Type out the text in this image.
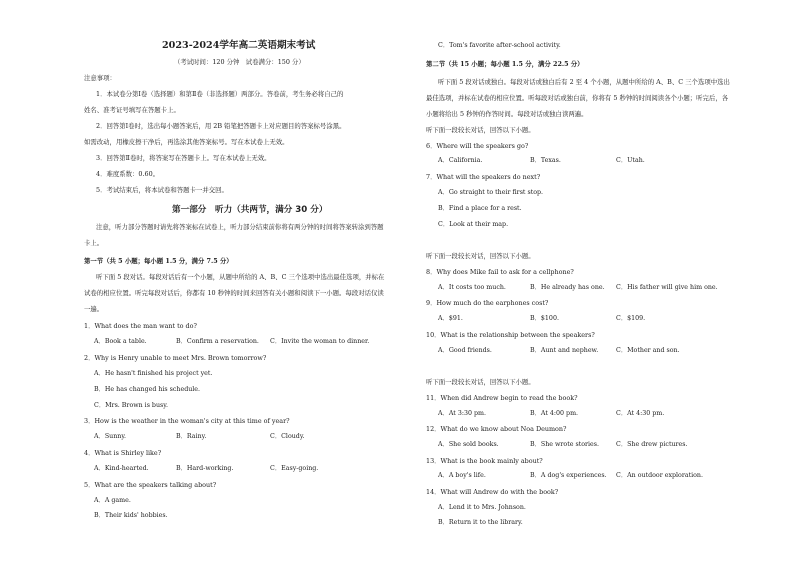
2023-2024学年高二英语期末考试
（考试时间：120 分钟　试卷满分：150 分）
注意事项：
1．本试卷分第Ⅰ卷（选择题）和第Ⅱ卷（非选择题）两部分。答卷前，考生务必将自己的
姓名、准考证号填写在答题卡上。
2．回答第Ⅰ卷时，选出每小题答案后，用 2B 铅笔把答题卡上对应题目的答案标号涂黑。
如需改动，用橡皮擦干净后，再选涂其他答案标号。写在本试卷上无效。
3．回答第Ⅱ卷时，将答案写在答题卡上。写在本试卷上无效。
4．难度系数：0.60。
5．考试结束后，将本试卷和答题卡一并交回。
第一部分　听力（共两节，满分 30 分）
注意，听力部分答题时请先将答案标在试卷上，听力部分结束前你将有两分钟的时间将答案转涂到答题
卡上。
第一节（共 5 小题；每小题 1.5 分，满分 7.5 分）
听下面 5 段对话。每段对话后有一个小题，从题中所给的 A、B、C 三个选项中选出最佳选项，并标在
试卷的相应位置。听完每段对话后，你都有 10 秒钟的时间来回答有关小题和阅读下一小题。每段对话仅读
一遍。
1．What does the man want to do?
A．Book a table.	B．Confirm a reservation. C．Invite the woman to dinner.
2．Why is Henry unable to meet Mrs. Brown tomorrow?
A．He hasn't finished his project yet.
B．He has changed his schedule.
C．Mrs. Brown is busy.
3．How is the weather in the woman's city at this time of year?
A．Sunny.	B．Rainy.	C．Cloudy.
4．What is Shirley like?
A．Kind-hearted.	B．Hard-working.	C．Easy-going.
5．What are the speakers talking about?
A．A game.
B．Their kids' hobbies.
C．Tom's favorite after-school activity.
第二节（共 15 小题；每小题 1.5 分，满分 22.5 分）
听下面 5 段对话或独白。每段对话或独白后有 2 至 4 个小题，从题中所给的 A、B、C 三个选项中选出
最佳选项，并标在试卷的相应位置。听每段对话或独白前，你将有 5 秒钟的时间阅读各个小题；听完后，各
小题将给出 5 秒钟的作答时间。每段对话或独白读两遍。
听下面一段较长对话，回答以下小题。
6．Where will the speakers go?
A．California.	B．Texas.	C．Utah.
7．What will the speakers do next?
A．Go straight to their first stop.
B．Find a place for a rest.
C．Look at their map.
听下面一段较长对话，回答以下小题。
8．Why does Mike fail to ask for a cellphone?
A．It costs too much.	B．He already has one. C．His father will give him one.
9．How much do the earphones cost?
A．$91.	B．$100.	C．$109.
10．What is the relationship between the speakers?
A．Good friends.	B．Aunt and nephew.	C．Mother and son.
听下面一段较长对话，回答以下小题。
11．When did Andrew begin to read the book?
A．At 3:30 pm.	B．At 4:00 pm.	C．At 4:30 pm.
12．What do we know about Noa Deumon?
A．She sold books.	B．She wrote stories.	C．She drew pictures.
13．What is the book mainly about?
A．A boy's life.	B．A dog's experiences. C．An outdoor exploration.
14．What will Andrew do with the book?
A．Lend it to Mrs. Johnson.
B．Return it to the library.
